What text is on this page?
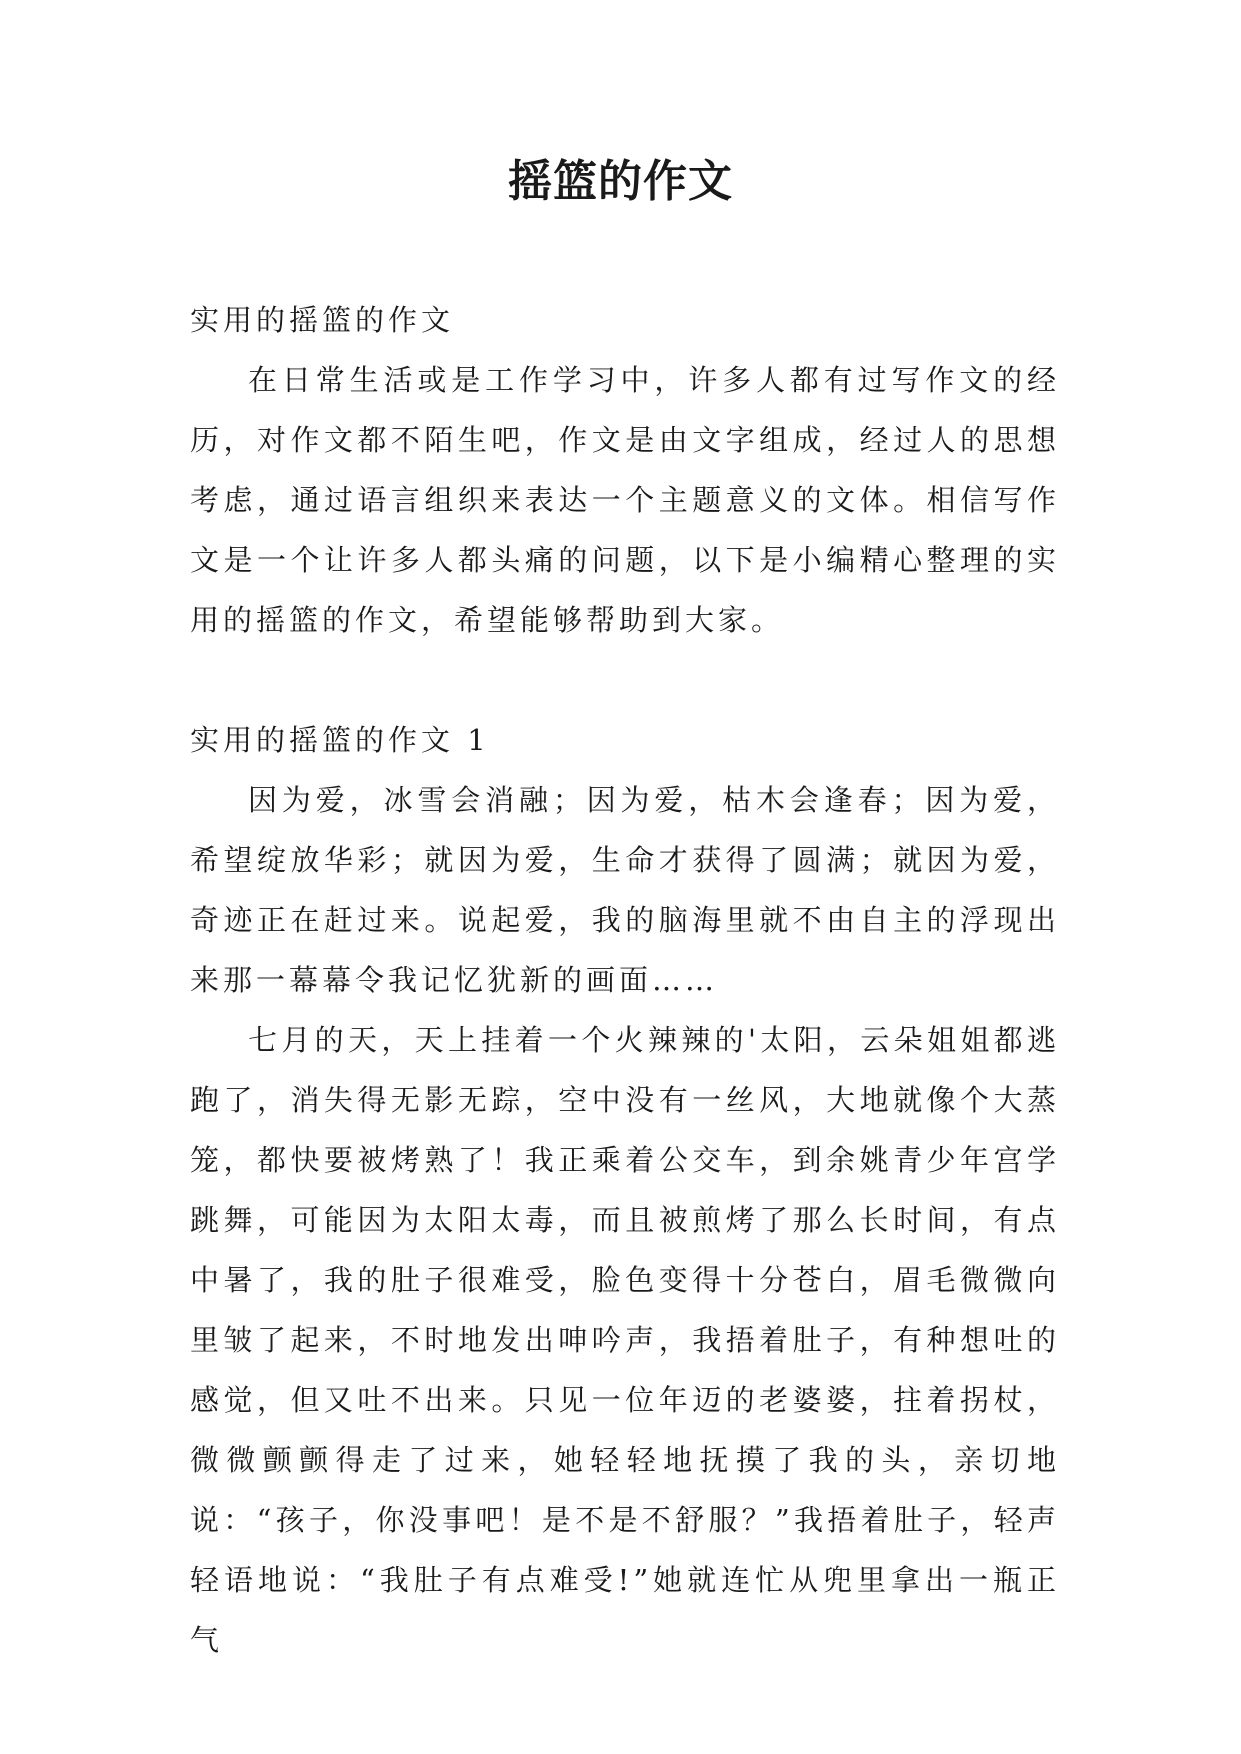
摇篮的作文

实用的摇篮的作文

在日常生活或是工作学习中，许多人都有过写作文的经历，对作文都不陌生吧，作文是由文字组成，经过人的思想考虑，通过语言组织来表达一个主题意义的文体。相信写作文是一个让许多人都头痛的问题，以下是小编精心整理的实用的摇篮的作文，希望能够帮助到大家。

实用的摇篮的作文 1

因为爱，冰雪会消融；因为爱，枯木会逢春；因为爱，希望绽放华彩；就因为爱，生命才获得了圆满；就因为爱，奇迹正在赶过来。说起爱，我的脑海里就不由自主的浮现出来那一幕幕令我记忆犹新的画面……

七月的天，天上挂着一个火辣辣的'太阳，云朵姐姐都逃跑了，消失得无影无踪，空中没有一丝风，大地就像个大蒸笼，都快要被烤熟了！我正乘着公交车，到余姚青少年宫学跳舞，可能因为太阳太毒，而且被煎烤了那么长时间，有点中暑了，我的肚子很难受，脸色变得十分苍白，眉毛微微向里皱了起来，不时地发出呻吟声，我捂着肚子，有种想吐的感觉，但又吐不出来。只见一位年迈的老婆婆，拄着拐杖，微微颤颤得走了过来，她轻轻地抚摸了我的头，亲切地说：“孩子，你没事吧！是不是不舒服？”我捂着肚子，轻声轻语地说：“我肚子有点难受!”她就连忙从兜里拿出一瓶正气
